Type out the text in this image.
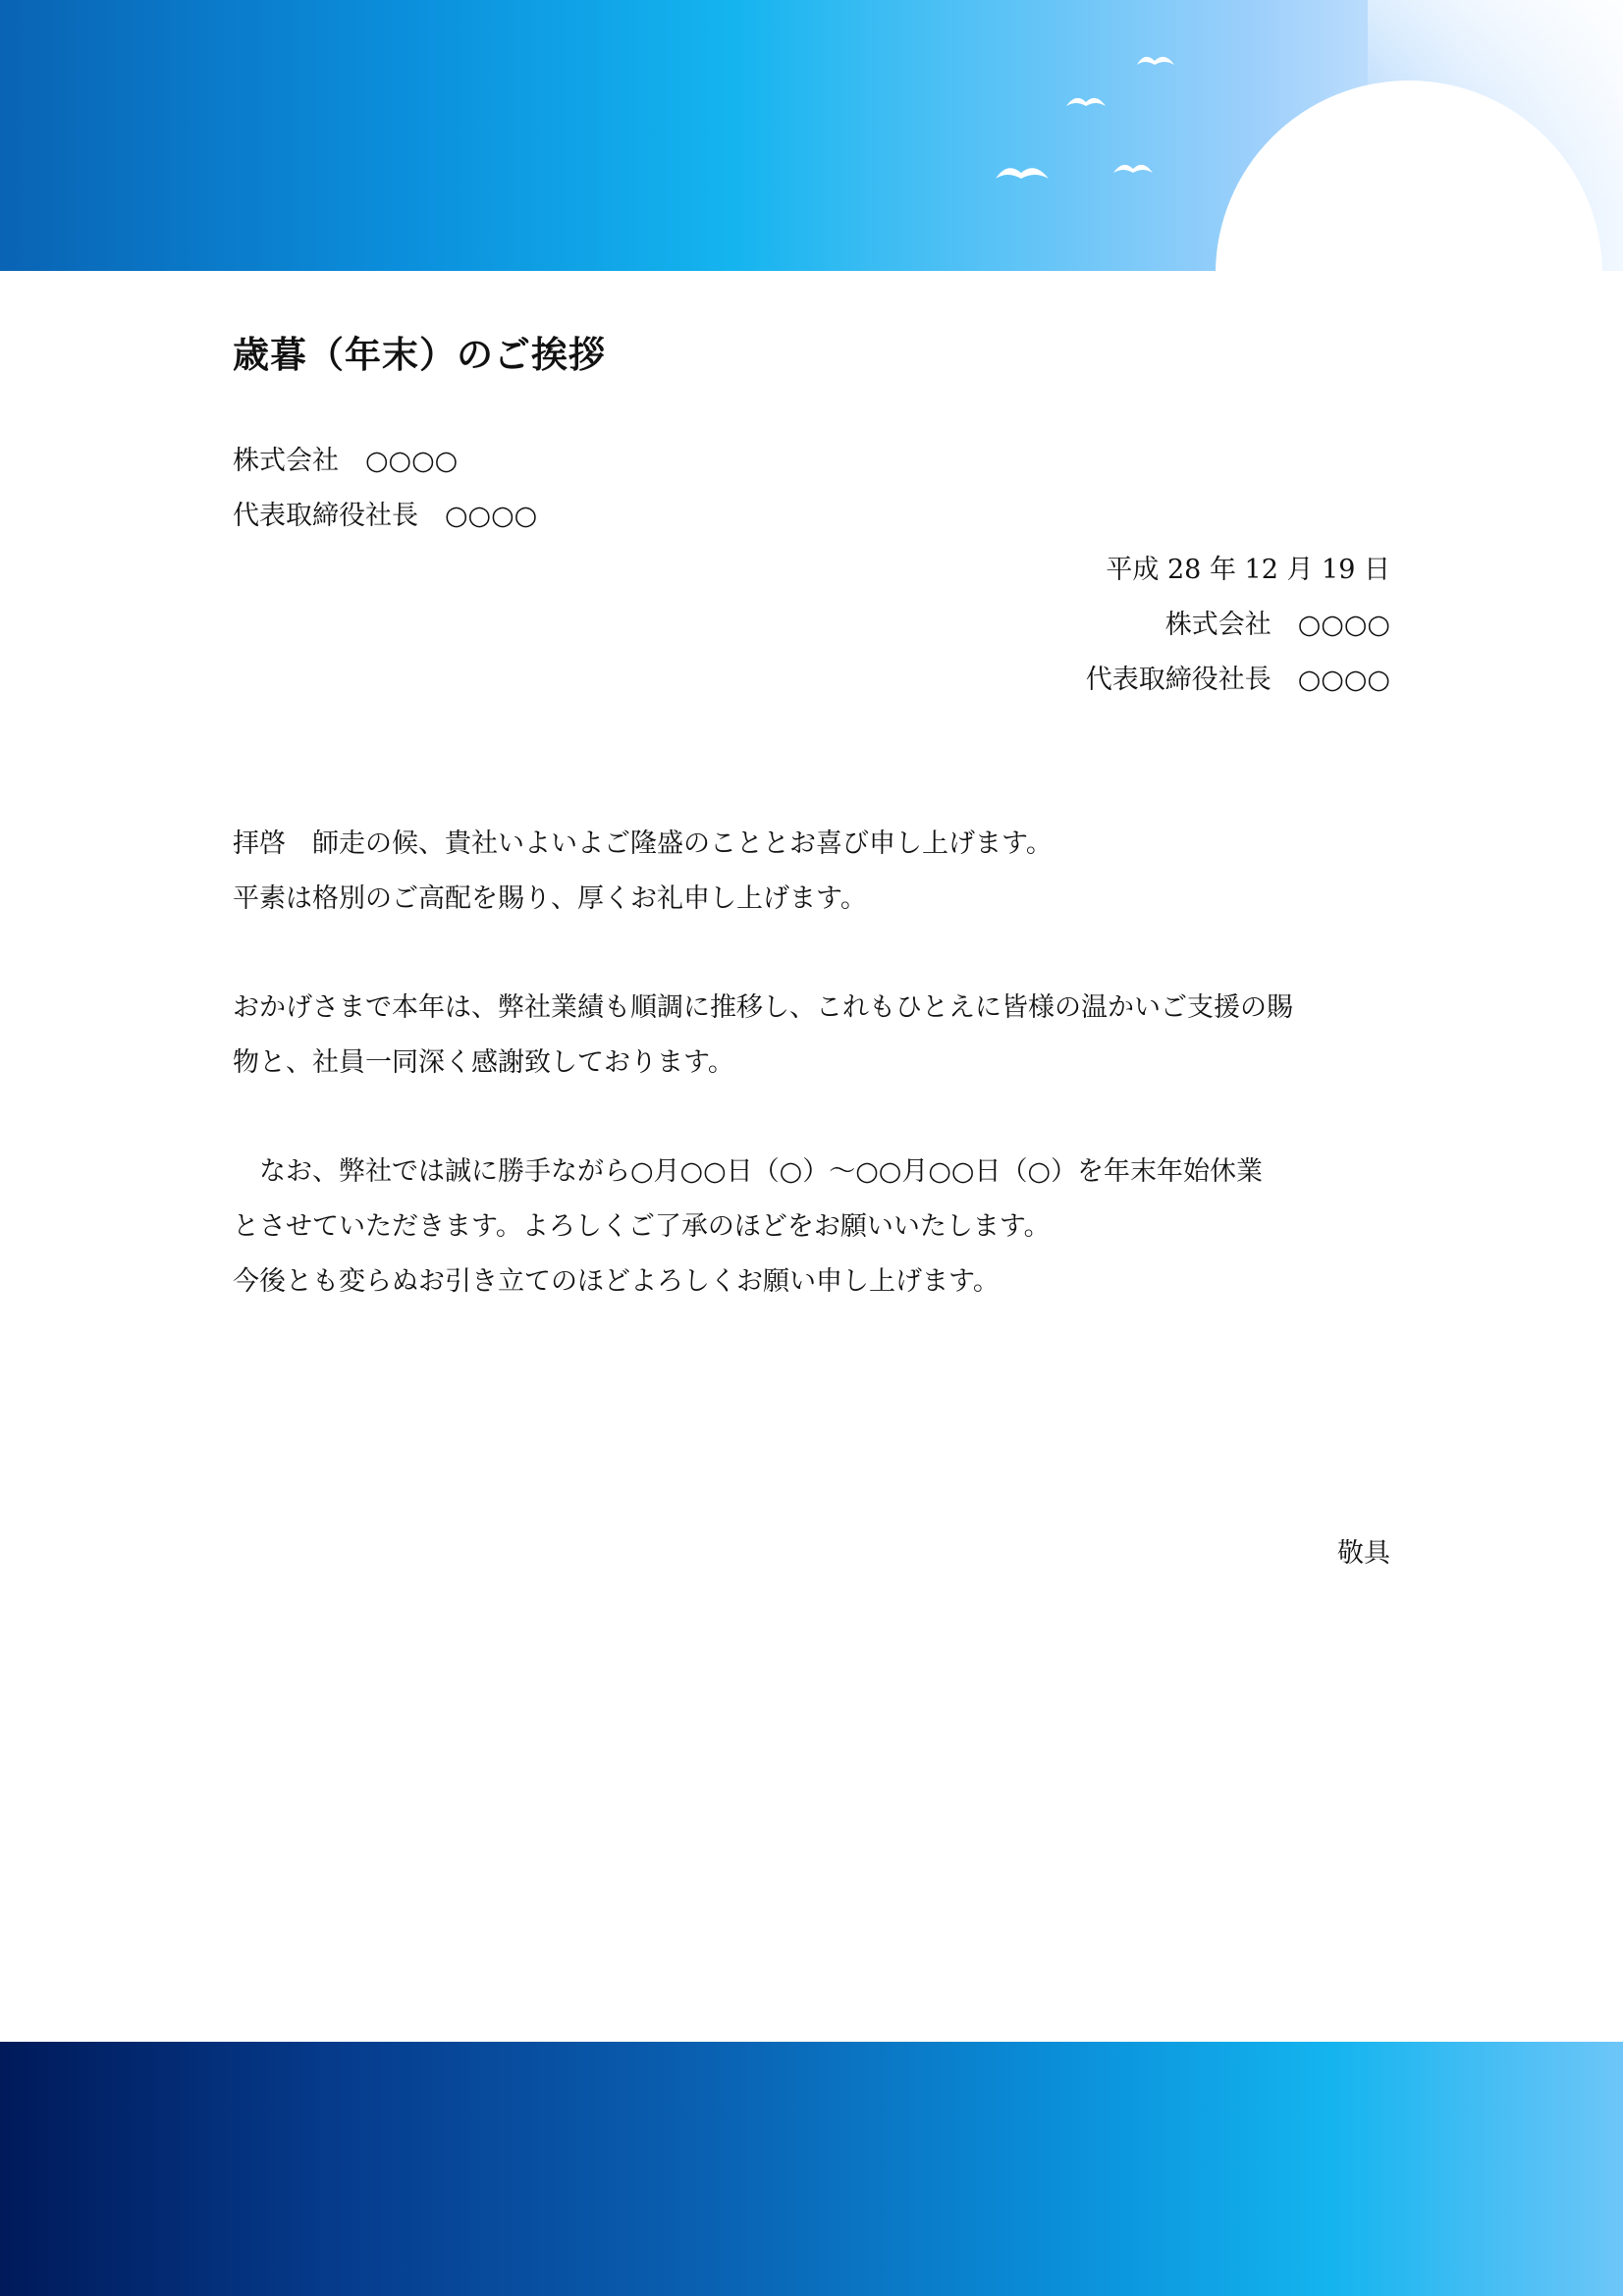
歳暮（年末）のご挨拶
株式会社　○○○○
代表取締役社長　○○○○
平成 28 年 12 月 19 日
株式会社　○○○○
代表取締役社長　○○○○
拝啓　師走の候、貴社いよいよご隆盛のこととお喜び申し上げます。
平素は格別のご高配を賜り、厚くお礼申し上げます。
おかげさまで本年は、弊社業績も順調に推移し、これもひとえに皆様の温かいご支援の賜
物と、社員一同深く感謝致しております。
　なお、弊社では誠に勝手ながら○月○○日（○）～○○月○○日（○）を年末年始休業
とさせていただきます。よろしくご了承のほどをお願いいたします。
今後とも変らぬお引き立てのほどよろしくお願い申し上げます。
敬具
